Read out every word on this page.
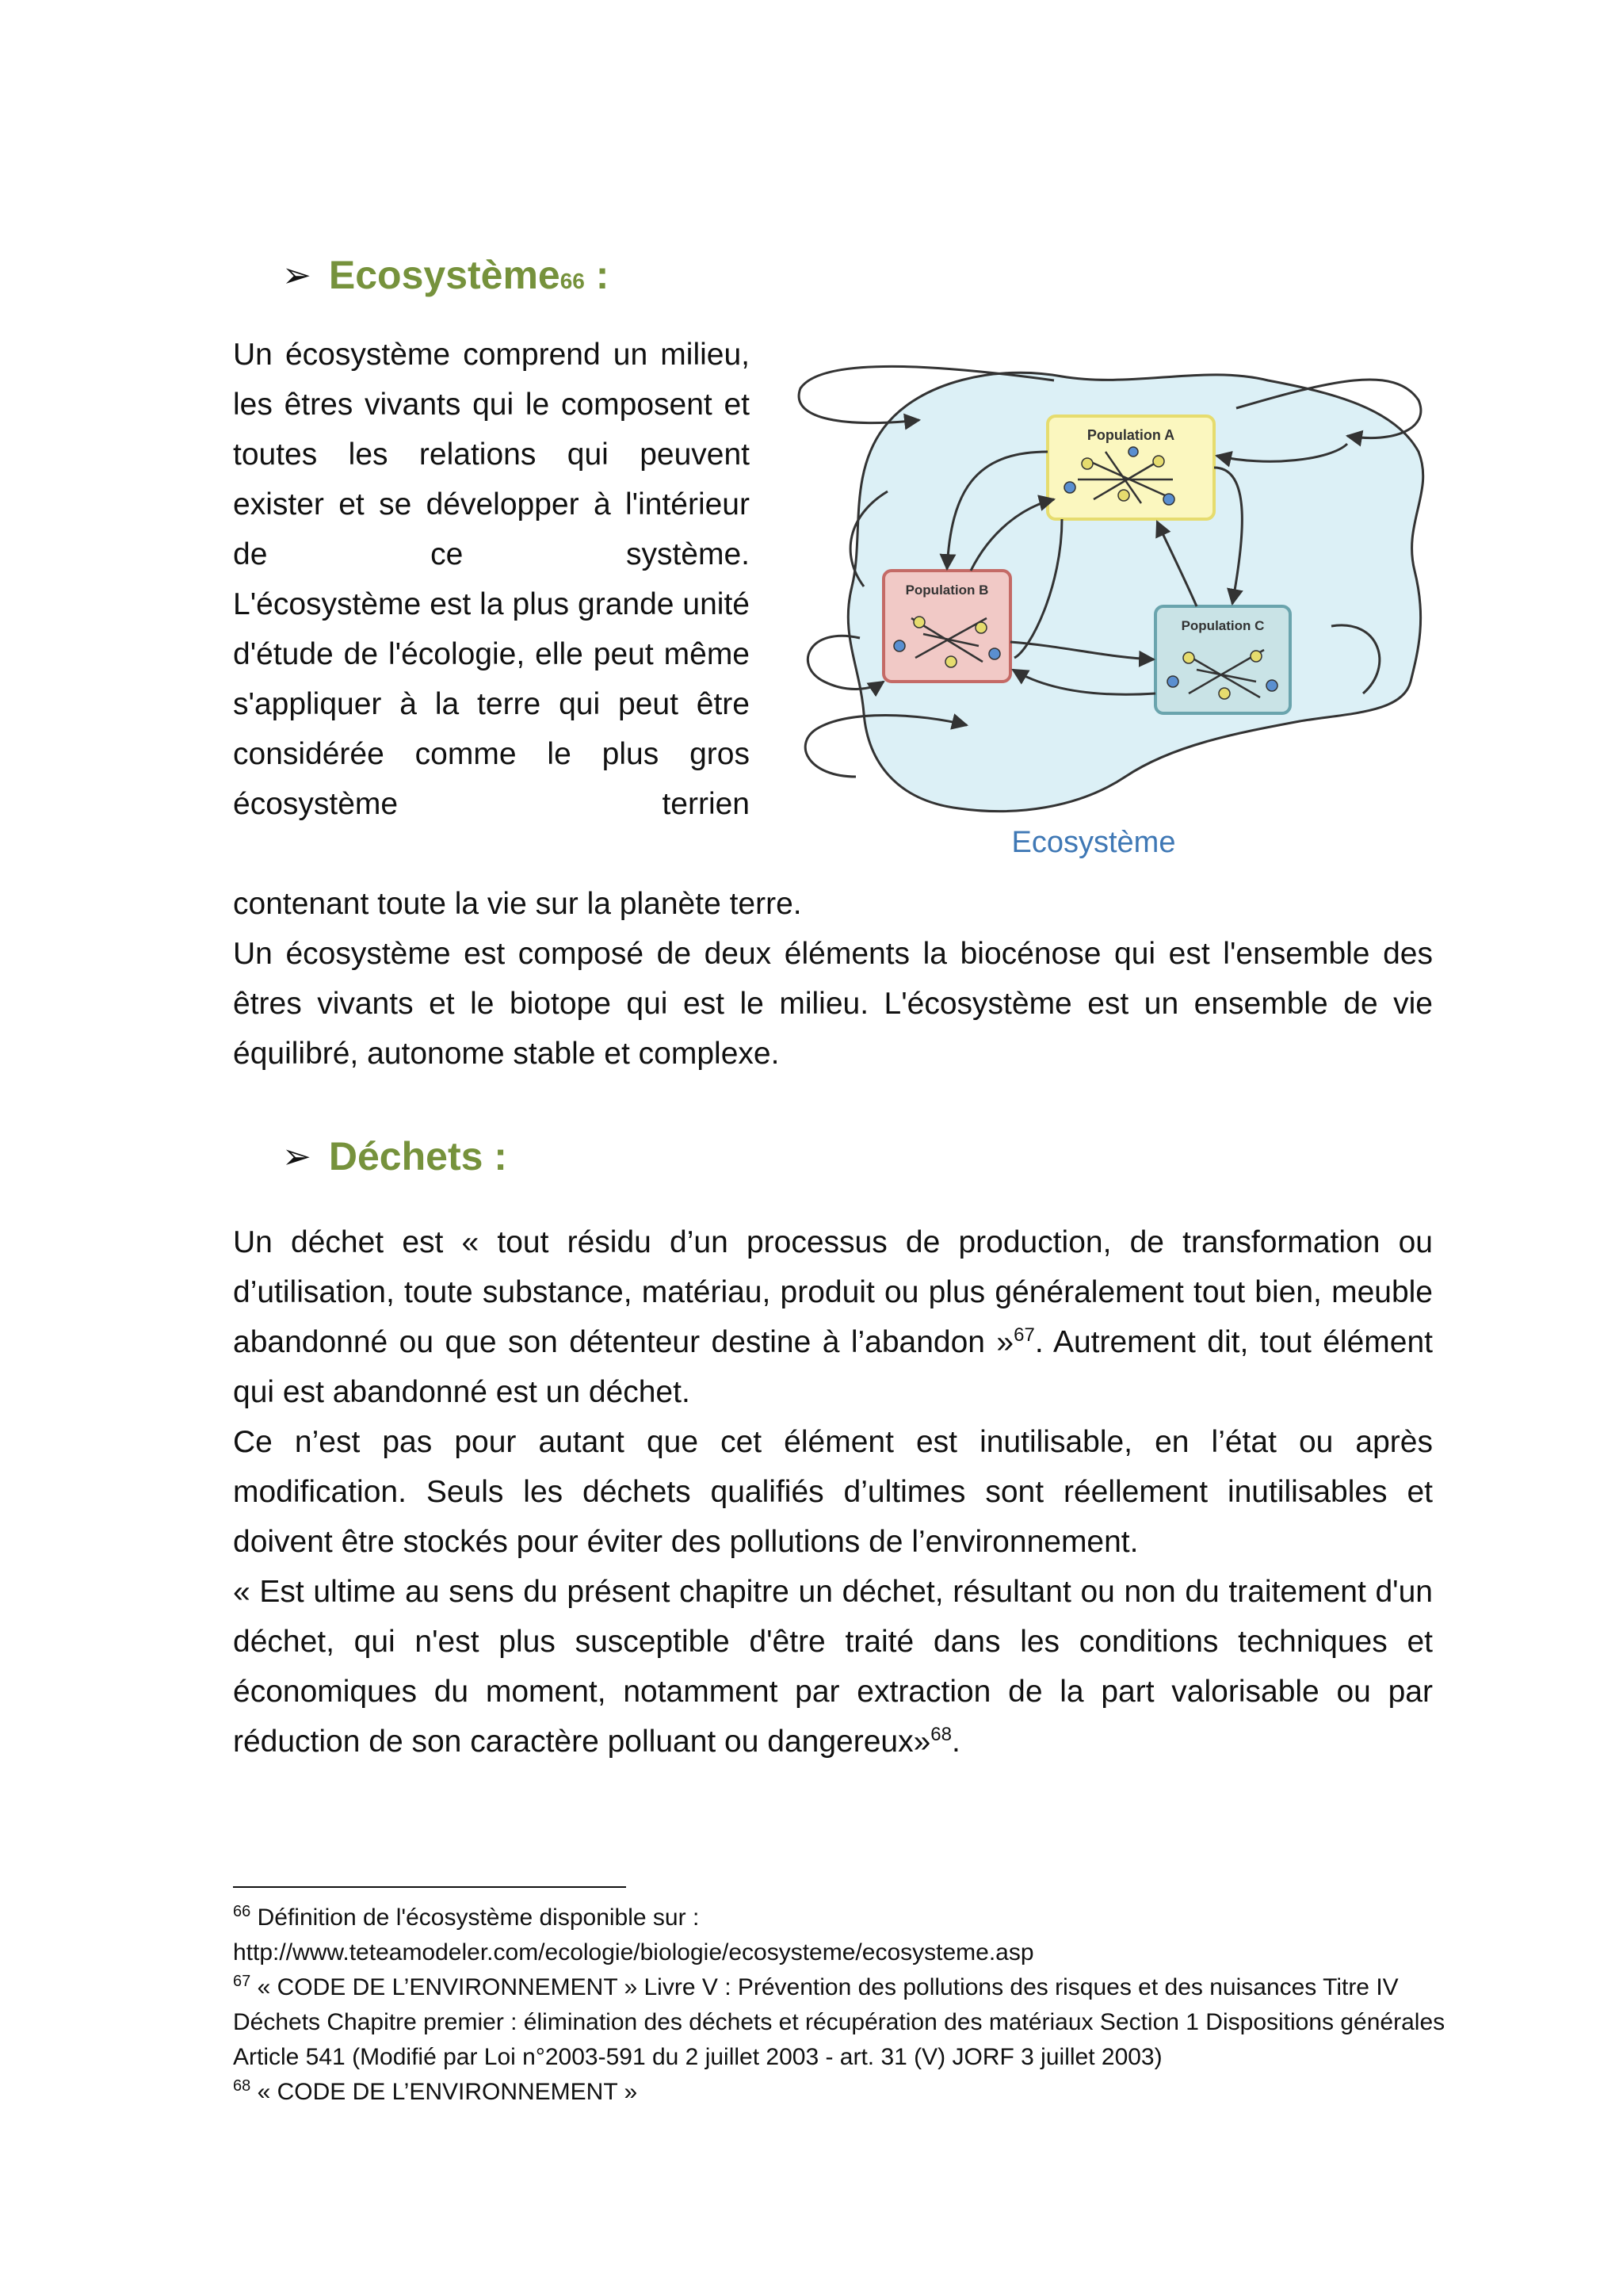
➢ Ecosystème 66 :

Un écosystème comprend un milieu, les êtres vivants qui le composent et toutes les relations qui peuvent exister et se développer à l'intérieur de ce système.

L'écosystème est la plus grande unité d'étude de l'écologie, elle peut même s'appliquer à la terre qui peut être considérée comme le plus gros écosystème terrien

Population A
Population B
Population C
Ecosystème

contenant toute la vie sur la planète terre.

Un écosystème est composé de deux éléments la biocénose qui est l'ensemble des êtres vivants et le biotope qui est le milieu. L'écosystème est un ensemble de vie équilibré, autonome stable et complexe.

➢ Déchets :

Un déchet est « tout résidu d’un processus de production, de transformation ou d’utilisation, toute substance, matériau, produit ou plus généralement tout bien, meuble abandonné ou que son détenteur destine à l’abandon »$^{67}$. Autrement dit, tout élément qui est abandonné est un déchet.

Ce n’est pas pour autant que cet élément est inutilisable, en l’état ou après modification. Seuls les déchets qualifiés d’ultimes sont réellement inutilisables et doivent être stockés pour éviter des pollutions de l’environnement.

« Est ultime au sens du présent chapitre un déchet, résultant ou non du traitement d'un déchet, qui n'est plus susceptible d'être traité dans les conditions techniques et économiques du moment, notamment par extraction de la part valorisable ou par réduction de son caractère polluant ou dangereux»$^{68}$.

$^{66}$ Définition de l'écosystème disponible sur :

http://www.teteamodeler.com/ecologie/biologie/ecosysteme/ecosysteme.asp

$^{67}$ « CODE DE L’ENVIRONNEMENT » Livre V : Prévention des pollutions des risques et des nuisances Titre IV Déchets Chapitre premier : élimination des déchets et récupération des matériaux Section 1 Dispositions générales Article 541 (Modifié par Loi n°2003-591 du 2 juillet 2003 - art. 31 (V) JORF 3 juillet 2003)

$^{68}$ « CODE DE L’ENVIRONNEMENT »
